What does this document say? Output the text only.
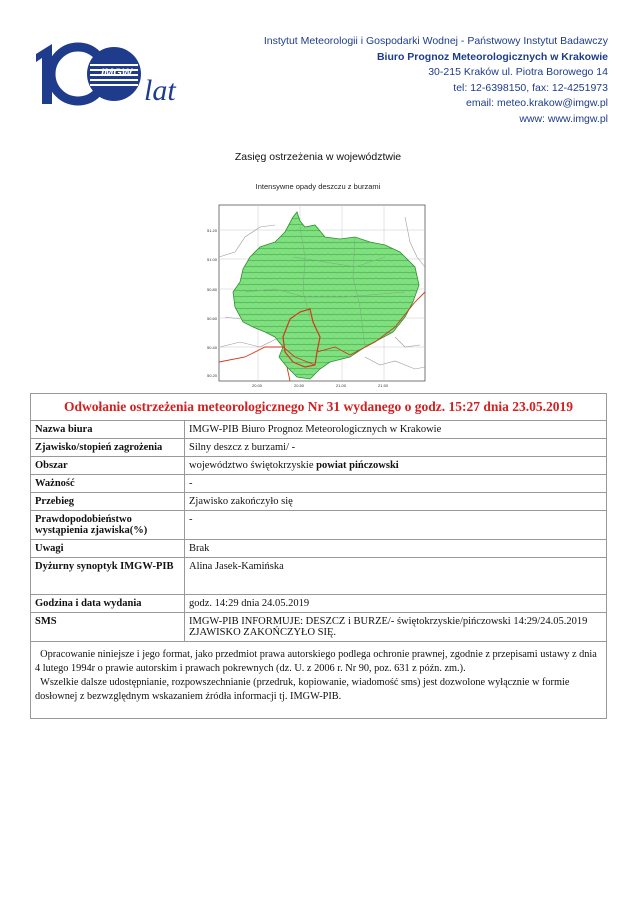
IMGW
lat
Instytut Meteorologii i Gospodarki Wodnej - Państwowy Instytut Badawczy
Biuro Prognoz Meteorologicznych w Krakowie
30-215 Kraków ul. Piotra Borowego 14
tel: 12-6398150, fax: 12-4251973
email: meteo.krakow@imgw.pl
www: www.imgw.pl
Zasięg ostrzeżenia w województwie
Intensywne opady deszczu z burzami
51.20
51.00
50.80
50.60
50.40
50.20
20.00	20.50	21.00	21.50
Odwołanie ostrzeżenia meteorologicznego Nr 31 wydanego o godz. 15:27 dnia 23.05.2019	
Nazwa biura	IMGW-PIB Biuro Prognoz Meteorologicznych w Krakowie
Zjawisko/stopień zagrożenia	Silny deszcz z burzami/ -
Obszar	województwo świętokrzyskie powiat pińczowski
Ważność	-
Przebieg	Zjawisko zakończyło się
Prawdopodobieństwo wystąpienia zjawiska(%)	-
Uwagi	Brak
Dyżurny synoptyk IMGW-PIB	Alina Jasek-Kamińska
Godzina i data wydania	godz. 14:29 dnia 24.05.2019
SMS	IMGW-PIB INFORMUJE: DESZCZ i BURZE/- świętokrzyskie/pińczowski 14:29/24.05.2019 ZJAWISKO ZAKOŃCZYŁO SIĘ.
Opracowanie niniejsze i jego format, jako przedmiot prawa autorskiego podlega ochronie prawnej, zgodnie z przepisami ustawy z dnia 4 lutego 1994r o prawie autorskim i prawach pokrewnych (dz. U. z 2006 r. Nr 90, poz. 631 z późn. zm.).
Wszelkie dalsze udostępnianie, rozpowszechnianie (przedruk, kopiowanie, wiadomość sms) jest dozwolone wyłącznie w formie dosłownej z bezwzględnym wskazaniem źródła informacji tj. IMGW-PIB.	
